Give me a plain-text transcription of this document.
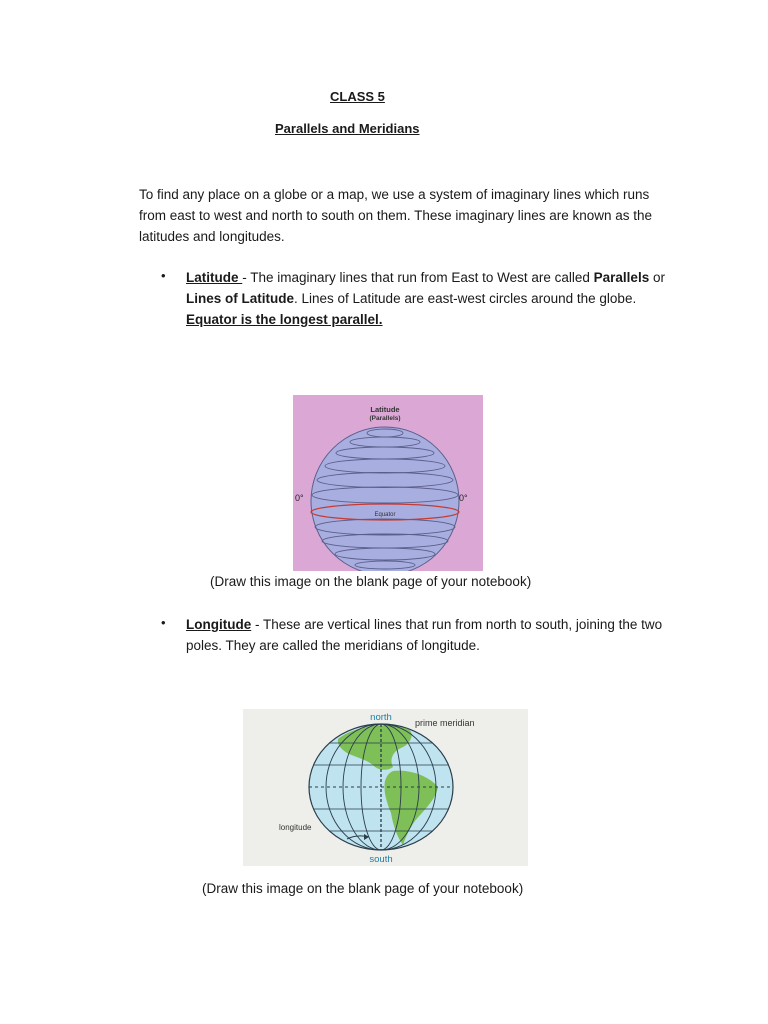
CLASS 5
Parallels and Meridians
To find any place on a globe or a map, we use a system of imaginary lines which runs from east to west and north to south on them. These imaginary lines are known as the latitudes and longitudes.
• Latitude - The imaginary lines that run from East to West are called Parallels or Lines of Latitude. Lines of Latitude are east-west circles around the globe.
Equator is the longest parallel.
Latitude
(Parallels)
Equator
0°	0°
(Draw this image on the blank page of your notebook)
• Longitude - These are vertical lines that run from north to south, joining the two poles. They are called the meridians of longitude.
north
south
prime meridian
longitude
(Draw this image on the blank page of your notebook)
